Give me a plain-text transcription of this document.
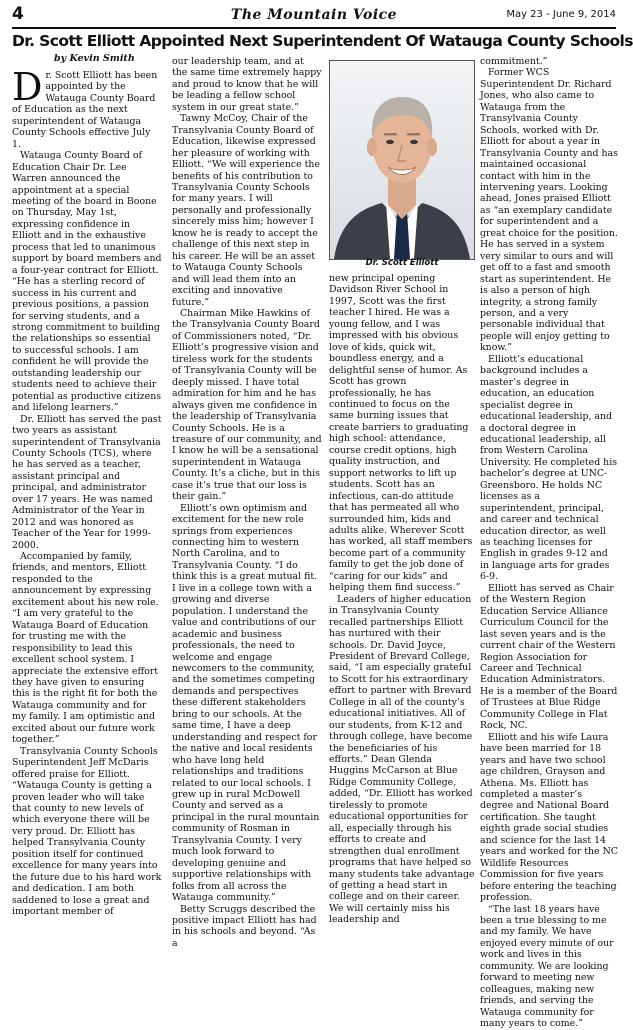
4	The Mountain Voice	May 23 - June 9, 2014
Dr. Scott Elliott Appointed Next Superintendent Of Watauga County Schools
by Kevin Smith

Dr. Scott Elliott has been appointed by the Watauga County Board of Education as the next superintendent of Watauga County Schools effective July 1.

Watauga County Board of Education Chair Dr. Lee Warren announced the appointment at a special meeting of the board in Boone on Thursday, May 1st, expressing confidence in Elliott and in the exhaustive process that led to unanimous support by board members and a four-year contract for Elliott. “He has a sterling record of success in his current and previous positions, a passion for serving students, and a strong commitment to building the relationships so essential to successful schools. I am confident he will provide the outstanding leadership our students need to achieve their potential as productive citizens and lifelong learners.”

Dr. Elliott has served the past two years as assistant superintendent of Transylvania County Schools (TCS), where he has served as a teacher, assistant principal and principal, and administrator over 17 years. He was named Administrator of the Year in 2012 and was honored as Teacher of the Year for 1999-2000.

Accompanied by family, friends, and mentors, Elliott responded to the announcement by expressing excitement about his new role. “I am very grateful to the Watauga Board of Education for trusting me with the responsibility to lead this excellent school system. I appreciate the extensive effort they have given to ensuring this is the right fit for both the Watauga community and for my family. I am optimistic and excited about our future work together.”

Transylvania County Schools Superintendent Jeff McDaris offered praise for Elliott. “Watauga County is getting a proven leader who will take that county to new levels of which everyone there will be very proud. Dr. Elliott has helped Transylvania County position itself for continued excellence for many years into the future due to his hard work and dedication. I am both saddened to lose a great and important member of

our leadership team, and at the same time extremely happy and proud to know that he will be leading a fellow school system in our great state.”

Tawny McCoy, Chair of the Transylvania County Board of Education, likewise expressed her pleasure of working with Elliott. “We will experience the benefits of his contribution to Transylvania County Schools for many years. I will personally and professionally sincerely miss him; however I know he is ready to accept the challenge of this next step in his career. He will be an asset to Watauga County Schools and will lead them into an exciting and innovative future.”

Chairman Mike Hawkins of the Transylvania County Board of Commissioners noted, “Dr. Elliott’s progressive vision and tireless work for the students of Transylvania County will be deeply missed. I have total admiration for him and he has always given me confidence in the leadership of Transylvania County Schools. He is a treasure of our community, and I know he will be a sensational superintendent in Watauga County. It’s a cliche, but in this case it’s true that our loss is their gain.”

Elliott’s own optimism and excitement for the new role springs from experiences connecting him to western North Carolina, and to Transylvania County. “I do think this is a great mutual fit. I live in a college town with a growing and diverse population. I understand the value and contributions of our academic and business professionals, the need to welcome and engage newcomers to the community, and the sometimes competing demands and perspectives these different stakeholders bring to our schools. At the same time, I have a deep understanding and respect for the native and local residents who have long held relationships and traditions related to our local schools. I grew up in rural McDowell County and served as a principal in the rural mountain community of Rosman in Transylvania County. I very much look forward to developing genuine and supportive relationships with folks from all across the Watauga community.”

Betty Scruggs described the positive impact Elliott has had in his schools and beyond. “As a

Dr. Scott Elliott

new principal opening Davidson River School in 1997, Scott was the first teacher I hired. He was a young fellow, and I was impressed with his obvious love of kids, quick wit, boundless energy, and a delightful sense of humor. As Scott has grown professionally, he has continued to focus on the same burning issues that create barriers to graduating high school: attendance, course credit options, high quality instruction, and support networks to lift up students. Scott has an infectious, can-do attitude that has permeated all who surrounded him, kids and adults alike. Wherever Scott has worked, all staff members become part of a community family to get the job done of “caring for our kids” and helping them find success.”

Leaders of higher education in Transylvania County recalled partnerships Elliott has nurtured with their schools. Dr. David Joyce, President of Brevard College, said, “I am especially grateful to Scott for his extraordinary effort to partner with Brevard College in all of the county’s educational initiatives. All of our students, from K-12 and through college, have become the beneficiaries of his efforts.” Dean Glenda Huggins McCarson at Blue Ridge Community College, added, “Dr. Elliott has worked tirelessly to promote educational opportunities for all, especially through his efforts to create and strengthen dual enrollment programs that have helped so many students take advantage of getting a head start in college and on their career. We will certainly miss his leadership and

commitment.”

Former WCS Superintendent Dr. Richard Jones, who also came to Watauga from the Transylvania County Schools, worked with Dr. Elliott for about a year in Transylvania County and has maintained occasional contact with him in the intervening years. Looking ahead, Jones praised Elliott as “an exemplary candidate for superintendent and a great choice for the position. He has served in a system very similar to ours and will get off to a fast and smooth start as superintendent. He is also a person of high integrity, a strong family person, and a very personable individual that people will enjoy getting to know.”

Elliott’s educational background includes a master’s degree in education, an education specialist degree in educational leadership, and a doctoral degree in educational leadership, all from Western Carolina University. He completed his bachelor’s degree at UNC-Greensboro. He holds NC licenses as a superintendent, principal, and career and technical education director, as well as teaching licenses for English in grades 9-12 and in language arts for grades 6-9.

Elliott has served as Chair of the Western Region Education Service Alliance Curriculum Council for the last seven years and is the current chair of the Western Region Association for Career and Technical Education Administrators. He is a member of the Board of Trustees at Blue Ridge Community College in Flat Rock, NC.

Elliott and his wife Laura have been married for 18 years and have two school age children, Grayson and Athena. Ms. Elliott has completed a master’s degree and National Board certification. She taught eighth grade social studies and science for the last 14 years and worked for the NC Wildlife Resources Commission for five years before entering the teaching profession.

“The last 18 years have been a true blessing to me and my family. We have enjoyed every minute of our work and lives in this community. We are looking forward to meeting new colleagues, making new friends, and serving the Watauga community for many years to come.”
